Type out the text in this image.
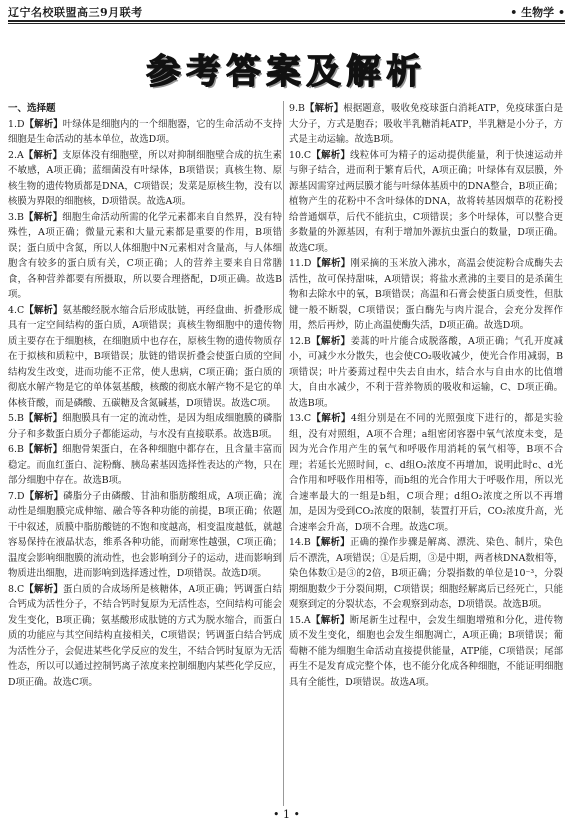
辽宁名校联盟高三9月联考	• 生物学 •
参考答案及解析
一、选择题

1.D【解析】叶绿体是细胞内的一个细胞器，它的生命活动不支持细胞是生命活动的基本单位，故选D项。

2.A【解析】支原体没有细胞壁，所以对抑制细胞壁合成的抗生素不敏感，A项正确；蓝细菌没有叶绿体，B项错误；真核生物、原核生物的遗传物质都是DNA，C项错误；发菜是原核生物，没有以核膜为界限的细胞核，D项错误。故选A项。

3.B【解析】细胞生命活动所需的化学元素都来自自然界，没有特殊性，A项正确；微量元素和大量元素都是重要的作用，B项错误；蛋白质中含氮，所以人体细胞中N元素相对含量高，与人体细胞含有较多的蛋白质有关，C项正确；人的营养主要来自日常膳食，各种营养都要有所摄取，所以要合理搭配，D项正确。故选B项。

4.C【解析】氨基酸经脱水缩合后形成肽链，再经盘曲、折叠形成具有一定空间结构的蛋白质，A项错误；真核生物细胞中的遗传物质主要存在于细胞核，在细胞质中也存在，原核生物的遗传物质存在于拟核和质粒中，B项错误；肽链的错误折叠会使蛋白质的空间结构发生改变，进而功能不正常，使人患病，C项正确；蛋白质的彻底水解产物是它的单体氨基酸，核酸的彻底水解产物不是它的单体核苷酸，而是磷酸、五碳糖及含氮碱基，D项错误。故选C项。

5.B【解析】细胞膜具有一定的流动性，是因为组成细胞膜的磷脂分子和多数蛋白质分子都能运动，与水没有直接联系。故选B项。

6.B【解析】细胞骨架蛋白，在各种细胞中都存在，且含量丰富而稳定。而血红蛋白、淀粉酶、胰岛素基因选择性表达的产物，只在部分细胞中存在。故选B项。

7.D【解析】磷脂分子由磷酸、甘油和脂肪酸组成，A项正确；流动性是细胞膜完成伸缩、融合等各种功能的前提，B项正确；依题干中叙述，质膜中脂肪酸链的不饱和度越高，相变温度越低，就越容易保持在液晶状态，维系各种功能，而耐寒性越强，C项正确；温度会影响细胞膜的流动性，也会影响到分子的运动，进而影响到物质进出细胞，进而影响到选择透过性，D项错误。故选D项。

8.C【解析】蛋白质的合成场所是核糖体，A项正确；钙调蛋白结合钙成为活性分子，不结合钙时复原为无活性态，空间结构可能会发生变化，B项正确；氨基酸形成肽链的方式为脱水缩合，而蛋白质的功能应与其空间结构直接相关，C项错误；钙调蛋白结合钙成为活性分子，会促进某些化学反应的发生，不结合钙时复原为无活性态，所以可以通过控制钙离子浓度来控制细胞内某些化学反应，D项正确。故选C项。

9.B【解析】根据题意，吸收免疫球蛋白消耗ATP，免疫球蛋白是大分子，方式是胞吞；吸收半乳糖消耗ATP，半乳糖是小分子，方式是主动运输。故选B项。

10.C【解析】线粒体可为精子的运动提供能量，利于快速运动并与卵子结合，进而利于繁育后代，A项正确；叶绿体有双层膜，外源基因需穿过两层膜才能与叶绿体基质中的DNA整合，B项正确；植物产生的花粉中不含叶绿体的DNA，故将转基因烟草的花粉授给普通烟草，后代不能抗虫，C项错误；多个叶绿体，可以整合更多数量的外源基因，有利于增加外源抗虫蛋白的数量，D项正确。故选C项。

11.D【解析】刚采摘的玉米放入沸水，高温会使淀粉合成酶失去活性，故可保持甜味，A项错误；将盐水煮沸的主要目的是杀菌生物和去除水中的氧，B项错误；高温和石膏会使蛋白质变性，但肽键一般不断裂，C项错误；蛋白酶先与肉片混合，会充分发挥作用，然后再炒，防止高温使酶失活，D项正确。故选D项。

12.B【解析】姜蒿的叶片能合成脱落酸，A项正确；气孔开度减小，可减少水分散失，也会使CO₂吸收减少，使光合作用减弱，B项错误；叶片萎蔫过程中失去自由水，结合水与自由水的比值增大，自由水减少，不利于营养物质的吸收和运输，C、D项正确。故选B项。

13.C【解析】4组分别是在不同的光照强度下进行的，都是实验组，没有对照组，A项不合理；a组密闭容器中氧气浓度未变，是因为光合作用产生的氧气和呼吸作用消耗的氧气相等，B项不合理；若延长光照时间，c、d组O₂浓度不再增加，说明此时c、d光合作用和呼吸作用相等，而b组的光合作用大于呼吸作用，所以光合速率最大的一组是b组，C项合理；d组O₂浓度之所以不再增加，是因为受到CO₂浓度的限制，装置打开后，CO₂浓度升高，光合速率会升高，D项不合理。故选C项。

14.B【解析】正确的操作步骤是解离、漂洗、染色、制片，染色后不漂洗，A项错误；①是后期，③是中期，两者核DNA数相等，染色体数①是③的2倍，B项正确；分裂指数的单位是10⁻³，分裂期细胞数少于分裂间期，C项错误；细胞经解离后已经死亡，只能观察到定的分裂状态，不会观察到动态，D项错误。故选B项。

15.A【解析】断尾新生过程中，会发生细胞增殖和分化，进传物质不发生变化，细胞也会发生细胞凋亡，A项正确；B项错误；葡萄糖不能为细胞生命活动直接提供能量，ATP能，C项错误；尾部再生不是发育成完整个体，也不能分化成各种细胞，不能证明细胞具有全能性，D项错误。故选A项。

• 1 •
